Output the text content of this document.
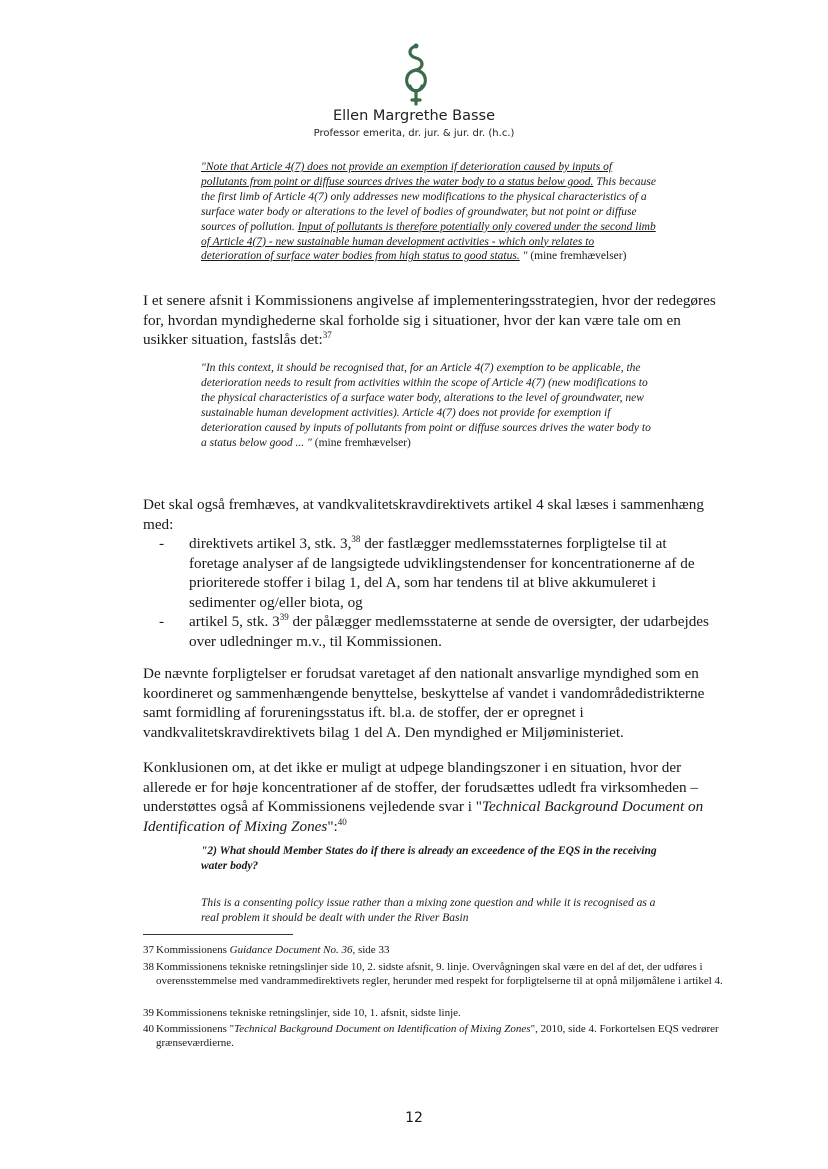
Ellen Margrethe Basse
Professor emerita, dr. jur. & jur. dr. (h.c.)
"Note that Article 4(7) does not provide an exemption if deterioration caused by inputs of pollutants from point or diffuse sources drives the water body to a status below good. This because the first limb of Article 4(7) only addresses new modifications to the physical characteristics of a surface water body or alterations to the level of bodies of groundwater, but not point or diffuse sources of pollution. Input of pollutants is therefore potentially only covered under the second limb of Article 4(7) - new sustainable human development activities - which only relates to deterioration of surface water bodies from high status to good status. " (mine fremhævelser)
I et senere afsnit i Kommissionens angivelse af implementeringsstrategien, hvor der redegøres for, hvordan myndighederne skal forholde sig i situationer, hvor der kan være tale om en usikker situation, fastslås det:$^{37}$
"In this context, it should be recognised that, for an Article 4(7) exemption to be applicable, the deterioration needs to result from activities within the scope of Article 4(7) (new modifications to the physical characteristics of a surface water body, alterations to the level of groundwater, new sustainable human development activities). Article 4(7) does not provide for exemption if deterioration caused by inputs of pollutants from point or diffuse sources drives the water body to a status below good ... " (mine fremhævelser)
Det skal også fremhæves, at vandkvalitetskravdirektivets artikel 4 skal læses i sammenhæng med:
- direktivets artikel 3, stk. 3,38 der fastlægger medlemsstaternes forpligtelse til at foretage analyser af de langsigtede udviklingstendenser for koncentrationerne af de prioriterede stoffer i bilag 1, del A, som har tendens til at blive akkumuleret i sedimenter og/eller biota, og
- artikel 5, stk. $3^{39}$ der pålægger medlemsstaterne at sende de oversigter, der udarbejdes over udledninger m.v., til Kommissionen.
De nævnte forpligtelser er forudsat varetaget af den nationalt ansvarlige myndighed som en koordineret og sammenhængende benyttelse, beskyttelse af vandet i vandområdedistrikterne samt formidling af forureningsstatus ift. bl.a. de stoffer, der er opregnet i vandkvalitetskravdirektivets bilag 1 del A. Den myndighed er Miljøministeriet.
Konklusionen om, at det ikke er muligt at udpege blandingszoner i en situation, hvor der allerede er for høje koncentrationer af de stoffer, der forudsættes udledt fra virksomheden – understøttes også af Kommissionens vejledende svar i "Technical Background Document on Identification of Mixing Zones":$^{40}$
"2) What should Member States do if there is already an exceedence of the EQS in the receiving water body?
This is a consenting policy issue rather than a mixing zone question and while it is recognised as a real problem it should be dealt with under the River Basin
37 Kommissionens Guidance Document No. 36, side 33
38 Kommissionens tekniske retningslinjer side 10, 2. sidste afsnit, 9. linje. Overvågningen skal være en del af det, der udføres i overensstemmelse med vandrammedirektivets regler, herunder med respekt for forpligtelserne til at opnå miljømålene i artikel 4.
39 Kommissionens tekniske retningslinjer, side 10, 1. afsnit, sidste linje.
40 Kommissionens "Technical Background Document on Identification of Mixing Zones", 2010, side 4. Forkortelsen EQS vedrører grænseværdierne.
12
